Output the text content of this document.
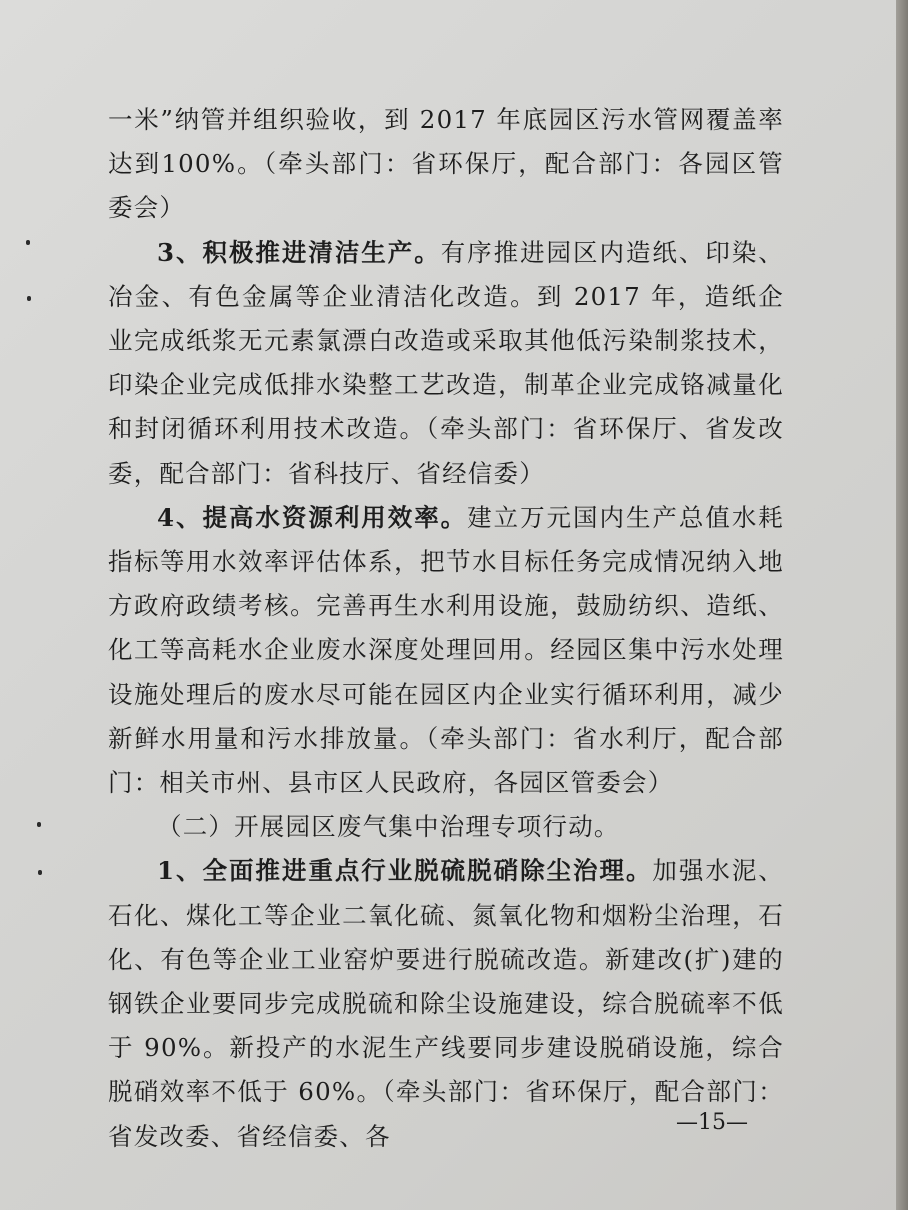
一米”纳管并组织验收，到 2017 年底园区污水管网覆盖率达到100%。（牵头部门：省环保厅，配合部门：各园区管委会）

3、积极推进清洁生产。有序推进园区内造纸、印染、冶金、有色金属等企业清洁化改造。到 2017 年，造纸企业完成纸浆无元素氯漂白改造或采取其他低污染制浆技术，印染企业完成低排水染整工艺改造，制革企业完成铬减量化和封闭循环利用技术改造。（牵头部门：省环保厅、省发改委，配合部门：省科技厅、省经信委）

4、提高水资源利用效率。建立万元国内生产总值水耗指标等用水效率评估体系，把节水目标任务完成情况纳入地方政府政绩考核。完善再生水利用设施，鼓励纺织、造纸、化工等高耗水企业废水深度处理回用。经园区集中污水处理设施处理后的废水尽可能在园区内企业实行循环利用，减少新鲜水用量和污水排放量。（牵头部门：省水利厅，配合部门：相关市州、县市区人民政府，各园区管委会）

（二）开展园区废气集中治理专项行动。

1、全面推进重点行业脱硫脱硝除尘治理。加强水泥、石化、煤化工等企业二氧化硫、氮氧化物和烟粉尘治理，石化、有色等企业工业窑炉要进行脱硫改造。新建改(扩)建的钢铁企业要同步完成脱硫和除尘设施建设，综合脱硫率不低于 90%。新投产的水泥生产线要同步建设脱硝设施，综合脱硝效率不低于 60%。（牵头部门：省环保厅，配合部门：省发改委、省经信委、各	—15—
